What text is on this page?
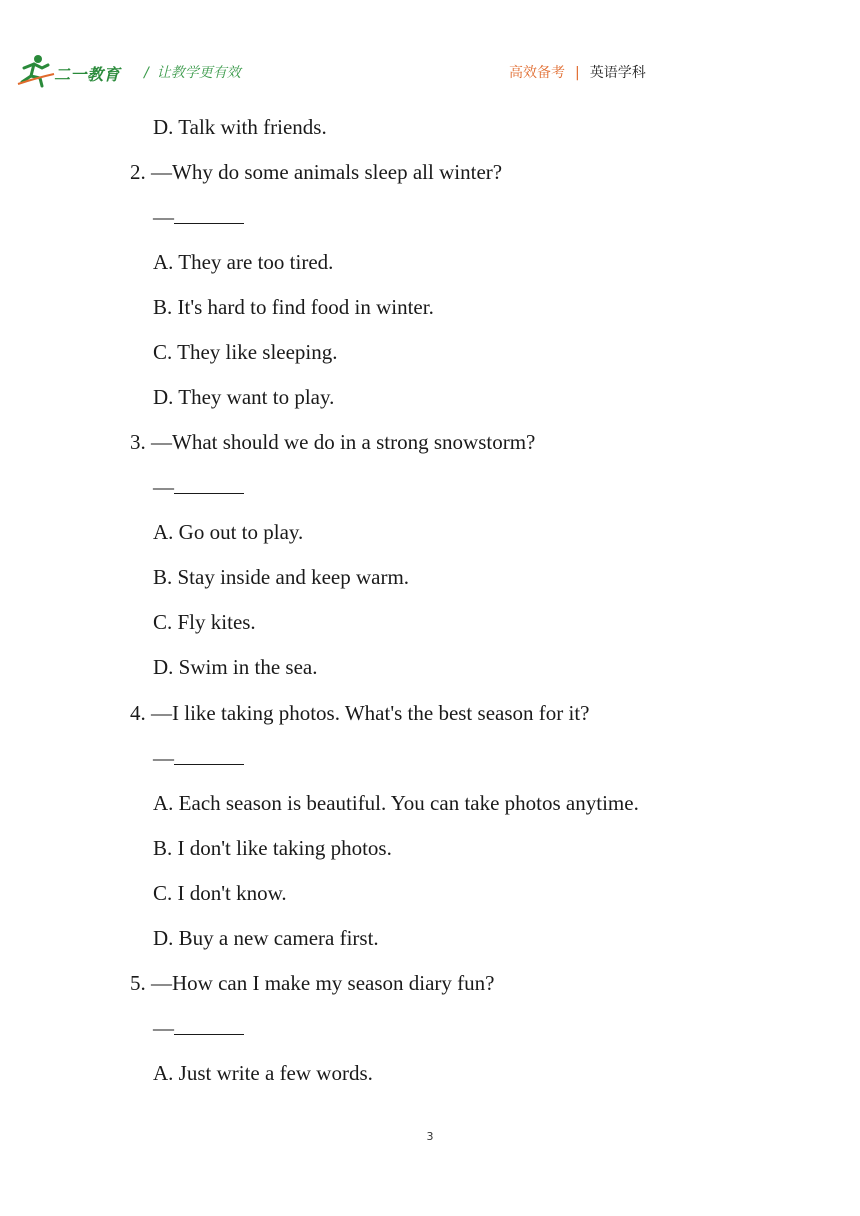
二一教育 / 让教学更有效	高效备考 | 英语学科
D. Talk with friends.
2. —Why do some animals sleep all winter?
—
A. They are too tired.
B. It's hard to find food in winter.
C. They like sleeping.
D. They want to play.
3. —What should we do in a strong snowstorm?
—
A. Go out to play.
B. Stay inside and keep warm.
C. Fly kites.
D. Swim in the sea.
4. —I like taking photos. What's the best season for it?
—
A. Each season is beautiful. You can take photos anytime.
B. I don't like taking photos.
C. I don't know.
D. Buy a new camera first.
5. —How can I make my season diary fun?
—
A. Just write a few words.
3
